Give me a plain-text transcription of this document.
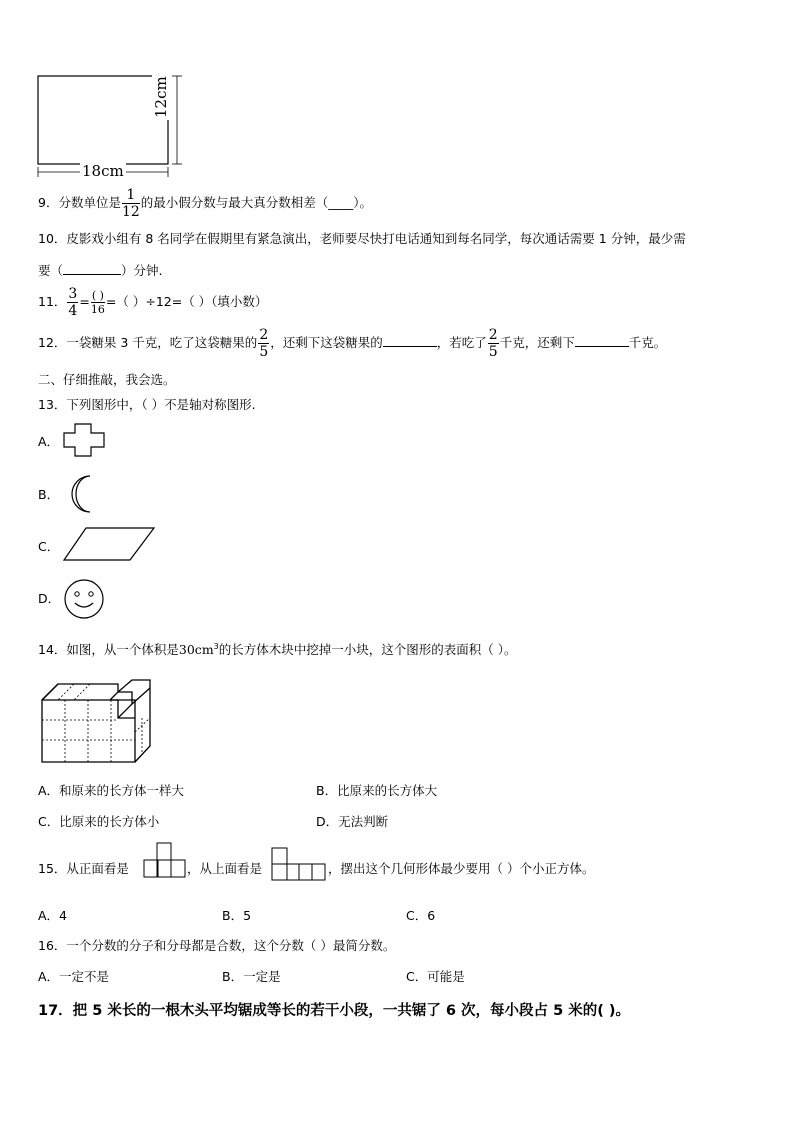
12cm
18cm
9．分数单位是 $\frac{1}{12}$ 的最小假分数与最大真分数相差（____）。
10．皮影戏小组有 8 名同学在假期里有紧急演出，老师要尽快打电话通知到每名同学，每次通话需要 1 分钟，最少需
要（	）分钟.
11． $\frac{3}{4} = \frac{( )}{16}$ =（ ）÷12=（ ）（填小数）
12．一袋糖果 3 千克，吃了这袋糖果的 $\frac{2}{5}$ ，还剩下这袋糖果的	，若吃了 $\frac{2}{5}$ 千克，还剩下	千克。
二、仔细推敲，我会选。
13．下列图形中，（ ）不是轴对称图形.
A．
B．
C．
D．
14．如图，从一个体积是$30cm^3$的长方体木块中挖掉一小块，这个图形的表面积（ ）。
A．和原来的长方体一样大	B．比原来的长方体大
C．比原来的长方体小	D．无法判断
15．从正面看是	，从上面看是	，摆出这个几何形体最少要用（ ）个小正方体。
A．4	B．5	C．6
16．一个分数的分子和分母都是合数，这个分数（ ）最简分数。
A．一定不是	B．一定是	C．可能是
17．把 5 米长的一根木头平均锯成等长的若干小段，一共锯了 6 次，每小段占 5 米的( )。
